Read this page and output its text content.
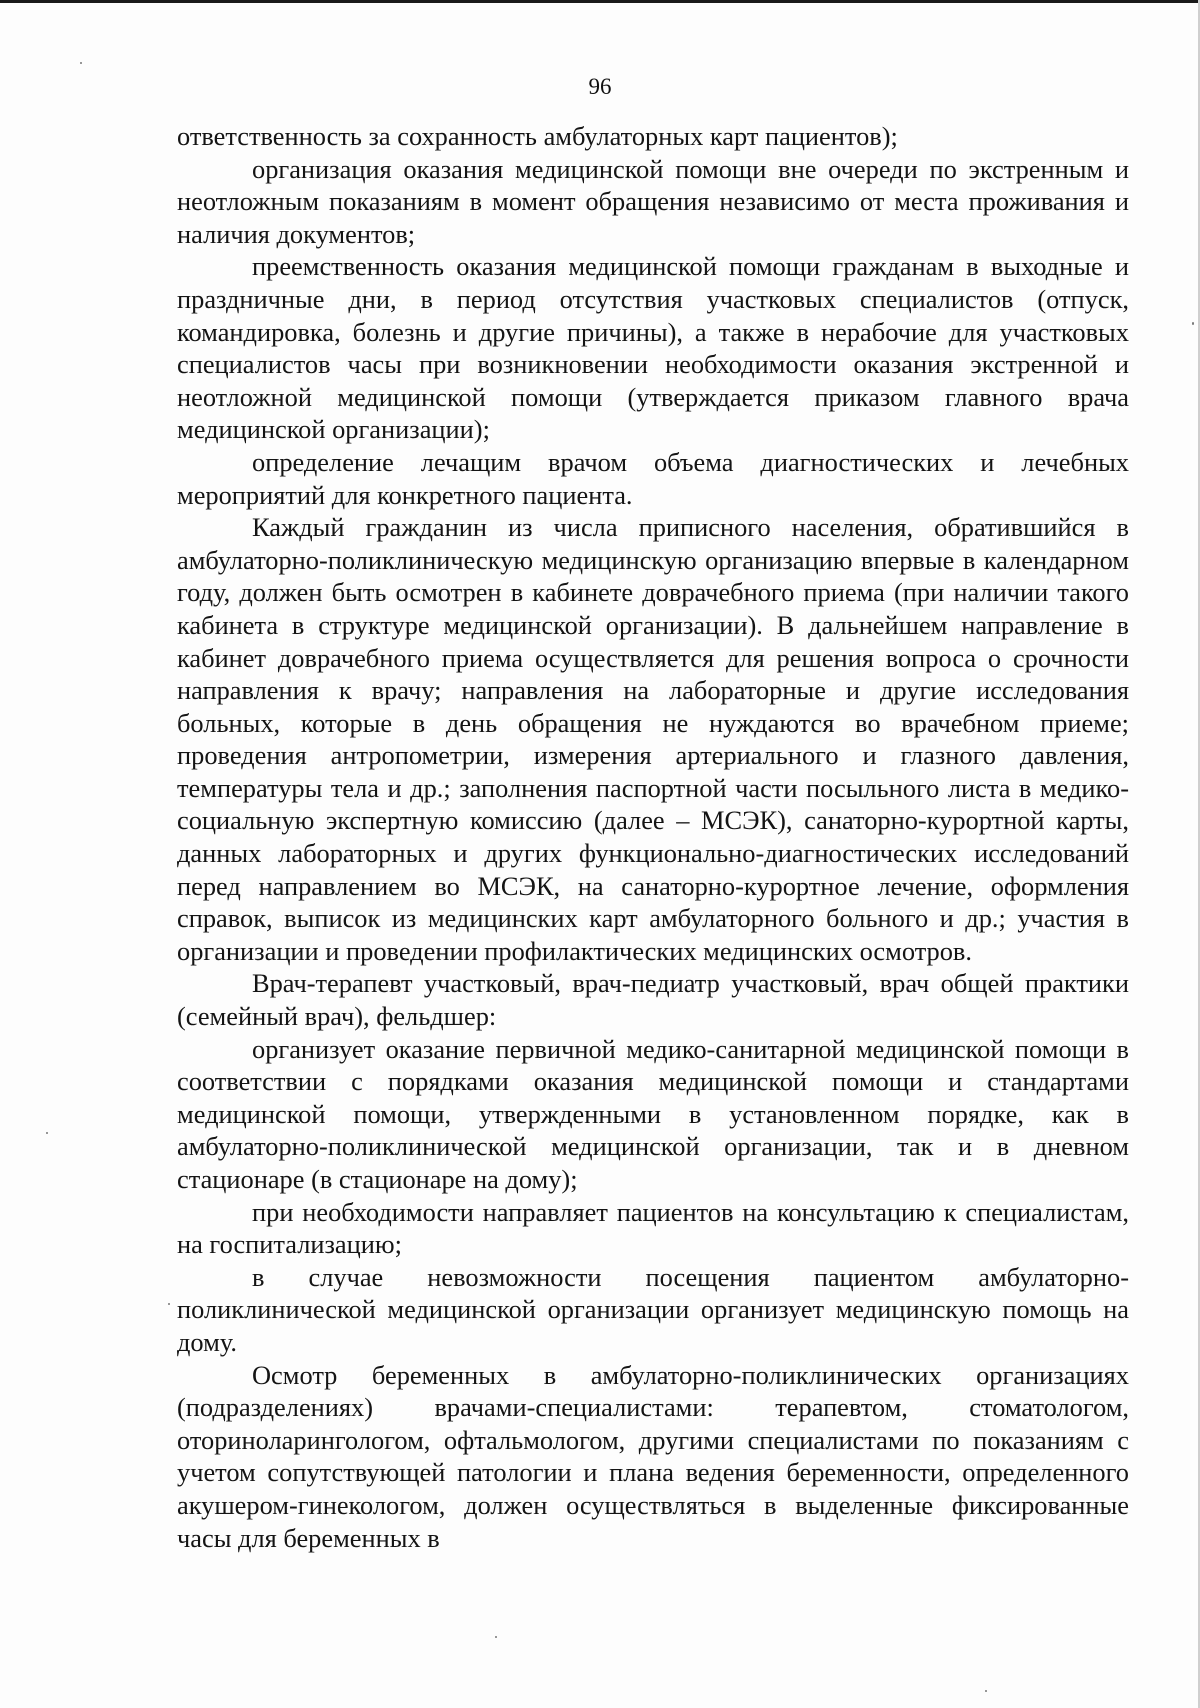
96

ответственность за сохранность амбулаторных карт пациентов);

организация оказания медицинской помощи вне очереди по экстренным и неотложным показаниям в момент обращения независимо от места проживания и наличия документов;

преемственность оказания медицинской помощи гражданам в выходные и праздничные дни, в период отсутствия участковых специалистов (отпуск, командировка, болезнь и другие причины), а также в нерабочие для участковых специалистов часы при возникновении необходимости оказания экстренной и неотложной медицинской помощи (утверждается приказом главного врача медицинской организации);

определение лечащим врачом объема диагностических и лечебных мероприятий для конкретного пациента.

Каждый гражданин из числа приписного населения, обратившийся в амбулаторно-поликлиническую медицинскую организацию впервые в календарном году, должен быть осмотрен в кабинете доврачебного приема (при наличии такого кабинета в структуре медицинской организации). В дальнейшем направление в кабинет доврачебного приема осуществляется для решения вопроса о срочности направления к врачу; направления на лабораторные и другие исследования больных, которые в день обращения не нуждаются во врачебном приеме; проведения антропометрии, измерения артериального и глазного давления, температуры тела и др.; заполнения паспортной части посыльного листа в медико-социальную экспертную комиссию (далее – МСЭК), санаторно-курортной карты, данных лабораторных и других функционально-диагностических исследований перед направлением во МСЭК, на санаторно-курортное лечение, оформления справок, выписок из медицинских карт амбулаторного больного и др.; участия в организации и проведении профилактических медицинских осмотров.

Врач-терапевт участковый, врач-педиатр участковый, врач общей практики (семейный врач), фельдшер:

организует оказание первичной медико-санитарной медицинской помощи в соответствии с порядками оказания медицинской помощи и стандартами медицинской помощи, утвержденными в установленном порядке, как в амбулаторно-поликлинической медицинской организации, так и в дневном стационаре (в стационаре на дому);

при необходимости направляет пациентов на консультацию к специалистам, на госпитализацию;

в случае невозможности посещения пациентом амбулаторно-поликлинической медицинской организации организует медицинскую помощь на дому.

Осмотр беременных в амбулаторно-поликлинических организациях (подразделениях) врачами-специалистами: терапевтом, стоматологом, оториноларингологом, офтальмологом, другими специалистами по показаниям с учетом сопутствующей патологии и плана ведения беременности, определенного акушером-гинекологом, должен осуществляться в выделенные фиксированные часы для беременных в
